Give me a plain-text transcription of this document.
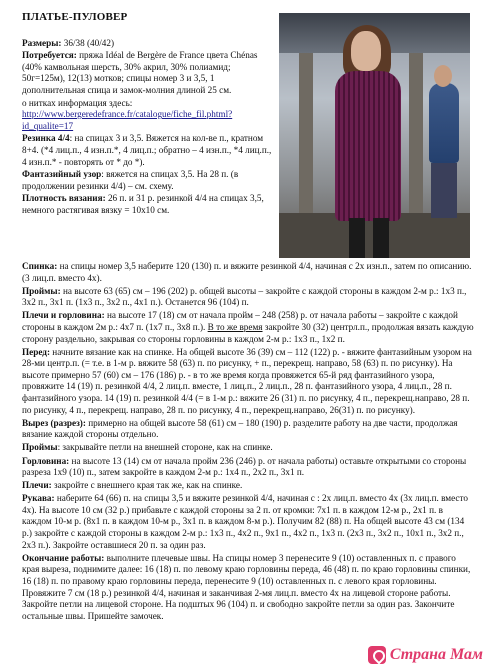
ПЛАТЬЕ-ПУЛОВЕР
Размеры: 36/38 (40/42)
Потребуется: пряжа Idéal de Bergère de France цвета Chénas (40% камвольная шерсть, 30% акрил, 30% полиамид; 50г=125м), 12(13) мотков; спицы номер 3 и 3,5, 1 дополнительная спица и замок-молния длиной 25 см.
о нитках информация здесь:
http://www.bergeredefrance.fr/catalogue/fiche_fil.phtml?id_qualite=17
Резинка 4/4: на спицах 3 и 3,5. Вяжется на кол-ве п., кратном 8+4. (*4 лиц.п., 4 изн.п.*, 4 лиц.п.; обратно – 4 изн.п., *4 лиц.п., 4 изн.п.* - повторять от * до *).
Фантазийный узор: вяжется на спицах 3,5. На 28 п. (в продолжении резинки 4/4) – см. схему.
Плотность вязания: 26 п. и 31 р. резинкой 4/4 на спицах 3,5, немного растягивая вязку = 10х10 см.
Спинка: на спицы номер 3,5 наберите 120 (130) п. и вяжите резинкой 4/4, начиная с 2х изн.п., затем по описанию. (3 лиц.п. вместо 4х).
Проймы: на высоте 63 (65) см – 196 (202) р. общей высоты – закройте с каждой стороны в каждом 2-м р.: 1x3 п., 3x2 п., 3x1 п. (1x3 п., 3x2 п., 4x1 п.). Останется 96 (104) п.
Плечи и горловина: на высоте 17 (18) см от начала пройм – 248 (258) р. от начала работы – закройте с каждой стороны в каждом 2м р.: 4x7 п. (1x7 п., 3x8 п.). В то же время закройте 30 (32) центрл.п., продолжая вязать каждую сторону раздельно, закрывая со стороны горловины в каждом 2-м р.: 1x3 п., 1x2 п.
Перед: начните вязание как на спинке. На общей высоте 36 (39) см – 112 (122) р. - вяжите фантазийным узором на 28-ми центр.п. (= т.е. в 1-м р. вяжите 58 (63) п. по рисунку, + п., перекрещ. направо, 58 (63) п. по рисунку). На высоте примерно 57 (60) см – 176 (186) р. - в то же время когда провяжется 65-й ряд фантазийного узора, провяжите 14 (19) п. резинкой 4/4, 2 лиц.п. вместе, 1 лиц.п., 2 лиц.п., 28 п. фантазийного узора, 4 лиц.п., 28 п. фантазийного узора. 14 (19) п. резинкой 4/4 (= в 1-м р.: вяжите 26 (31) п. по рисунку, 4 п., перекрещ.направо, 28 п. по рисунку, 4 п., перекрещ. направо, 28 п. по рисунку, 4 п., перекрещ.направо, 26(31) п. по рисунку).
Вырез (разрез): примерно на общей высоте 58 (61) см – 180 (190) р. разделите работу на две части, продолжая вязание каждой стороны отдельно.
Проймы: закрывайте петли на внешней стороне, как на спинке.
Горловина: на высоте 13 (14) см от начала пройм 236 (246) р. от начала работы) оставьте открытыми со стороны разреза 1x9 (10) п., затем закройте в каждом 2-м р.: 1x4 п., 2x2 п., 3x1 п.
Плечи: закройте с внешнего края так же, как на спинке.
Рукава: наберите 64 (66) п. на спицы 3,5 и вяжите резинкой 4/4, начиная с : 2х лиц.п. вместо 4х (3х лиц.п. вместо 4х). На высоте 10 см (32 р.) прибавьте с каждой стороны за 2 п. от кромки: 7x1 п. в каждом 12-м р., 2x1 п. в каждом 10-м р. (8x1 п. в каждом 10-м р., 3x1 п. в каждом 8-м р.). Получим 82 (88) п. На общей высоте 43 см (134 р.) закройте с каждой стороны в каждом 2-м р.: 1x3 п., 4x2 п., 9x1 п., 4x2 п., 1x3 п. (2x3 п., 3x2 п., 10x1 п., 3x2 п., 2x3 п.). Закройте оставшиеся 20 п. за один раз.
Окончание работы: выполните плечевые швы. На спицы номер 3 перенесите 9 (10) оставленных п. с правого края выреза, поднимите далее: 16 (18) п. по левому краю горловины переда, 46 (48) п. по краю горловины спинки, 16 (18) п. по правому краю горловины переда, перенесите 9 (10) оставленных п. с левого края горловины. Провяжите 7 см (18 р.) резинкой 4/4, начиная и заканчивая 2-мя лиц.п. вместо 4х на лицевой стороне работы. Закройте петли на лицевой стороне. На подштых 96 (104) п. и свободно закройте петли за один раз. Закончите остальные швы. Пришейте замочек.
Страна Мам
